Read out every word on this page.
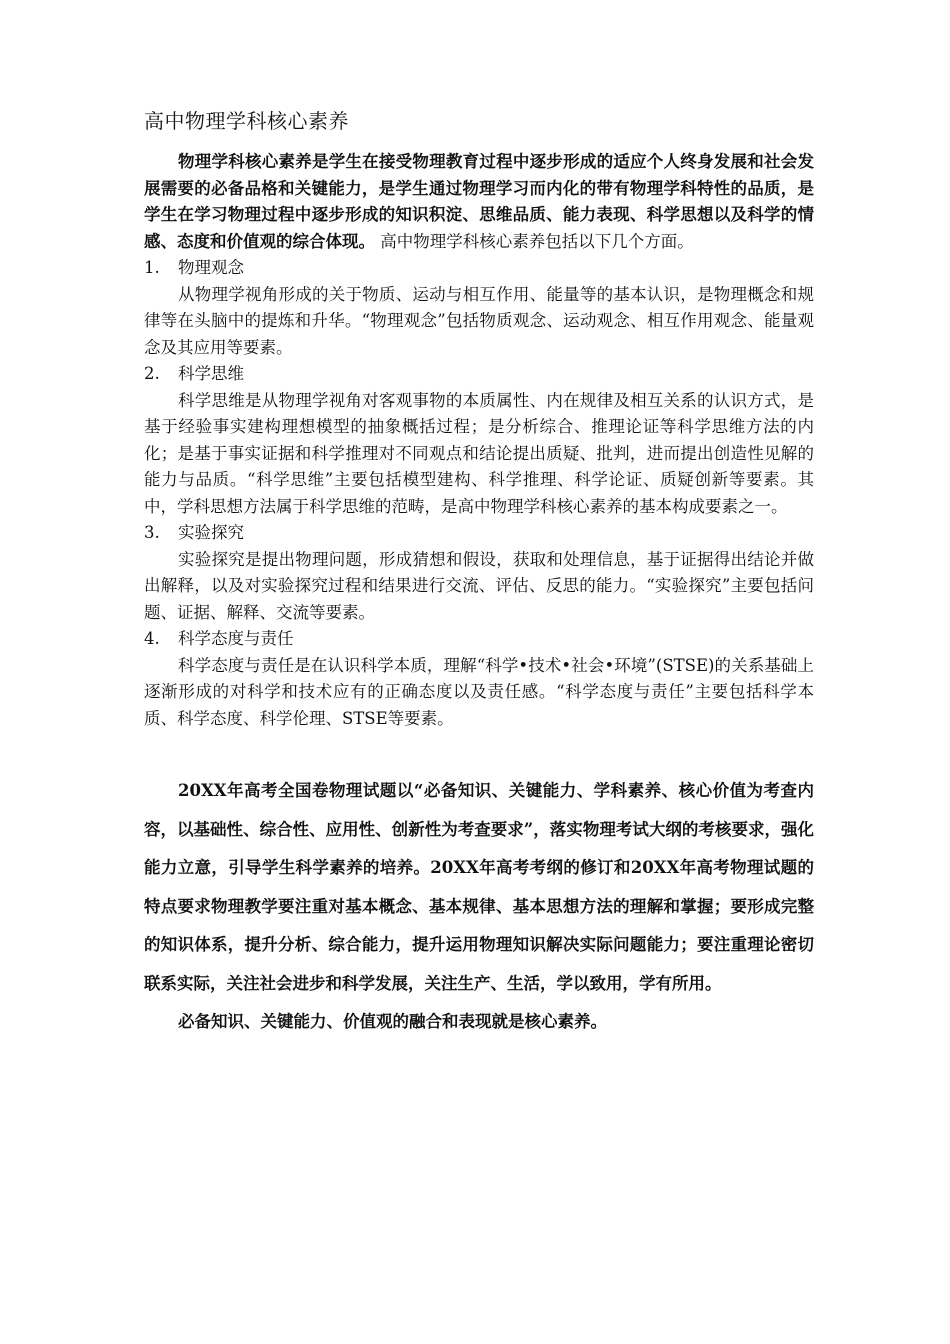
高中物理学科核心素养

物理学科核心素养是学生在接受物理教育过程中逐步形成的适应个人终身发展和社会发展需要的必备品格和关键能力，是学生通过物理学习而内化的带有物理学科特性的品质，是学生在学习物理过程中逐步形成的知识积淀、思维品质、能力表现、科学思想以及科学的情感、态度和价值观的综合体现。 高中物理学科核心素养包括以下几个方面。

1.	物理观念

从物理学视角形成的关于物质、运动与相互作用、能量等的基本认识，是物理概念和规律等在头脑中的提炼和升华。“物理观念”包括物质观念、运动观念、相互作用观念、能量观念及其应用等要素。

2.	科学思维

科学思维是从物理学视角对客观事物的本质属性、内在规律及相互关系的认识方式，是基于经验事实建构理想模型的抽象概括过程；是分析综合、推理论证等科学思维方法的内化；是基于事实证据和科学推理对不同观点和结论提出质疑、批判，进而提出创造性见解的能力与品质。“科学思维”主要包括模型建构、科学推理、科学论证、质疑创新等要素。其中，学科思想方法属于科学思维的范畴，是高中物理学科核心素养的基本构成要素之一。

3.	实验探究

实验探究是提出物理问题，形成猜想和假设，获取和处理信息，基于证据得出结论并做出解释，以及对实验探究过程和结果进行交流、评估、反思的能力。“实验探究”主要包括问题、证据、解释、交流等要素。

4.	科学态度与责任

科学态度与责任是在认识科学本质，理解“科学•技术•社会•环境”(STSE)的关系基础上逐渐形成的对科学和技术应有的正确态度以及责任感。“科学态度与责任”主要包括科学本质、科学态度、科学伦理、STSE等要素。

20XX年高考全国卷物理试题以“必备知识、关键能力、学科素养、核心价值为考查内容，以基础性、综合性、应用性、创新性为考查要求”，落实物理考试大纲的考核要求，强化能力立意，引导学生科学素养的培养。20XX年高考考纲的修订和20XX年高考物理试题的特点要求物理教学要注重对基本概念、基本规律、基本思想方法的理解和掌握；要形成完整的知识体系，提升分析、综合能力，提升运用物理知识解决实际问题能力；要注重理论密切联系实际，关注社会进步和科学发展，关注生产、生活，学以致用，学有所用。

必备知识、关键能力、价值观的融合和表现就是核心素养。
